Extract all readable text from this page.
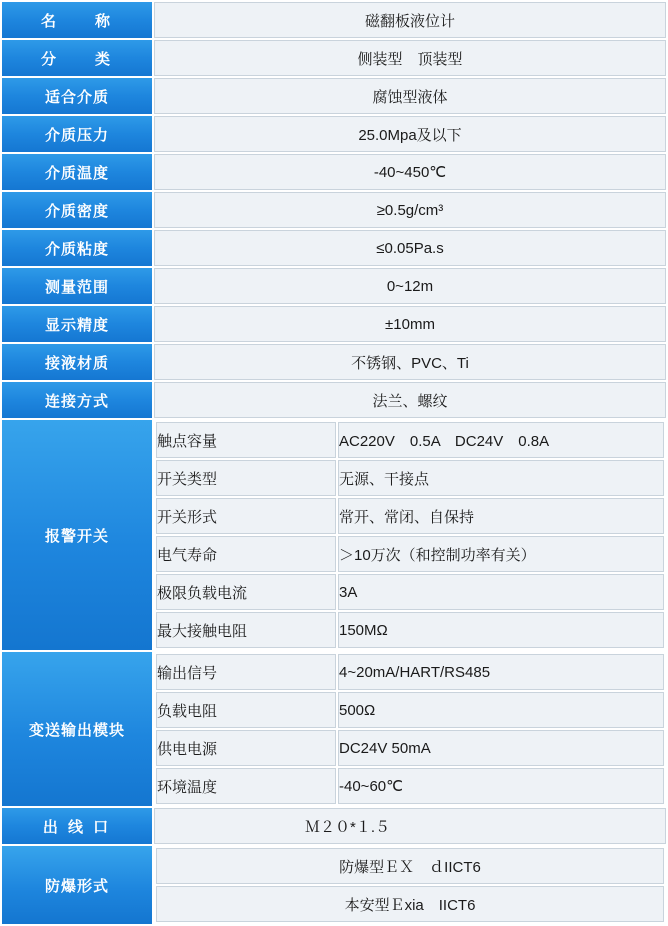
名　　称	磁翻板液位计
分　　类	侧装型　顶装型
适合介质	腐蚀型液体
介质压力	25.0Mpa及以下
介质温度	-40~450℃
介质密度	≥0.5g/cm³
介质粘度	≤0.05Pa.s
测量范围	0~12m
显示精度	±10mm
接液材质	不锈钢、PVC、Ti
连接方式	法兰、螺纹
报警开关	
触点容量	AC220V　0.5A　DC24V　0.8A
开关类型	无源、干接点
开关形式	常开、常闭、自保持
电气寿命	＞10万次（和控制功率有关）
极限负载电流	3A
最大接触电阻	150MΩ

变送输出模块	
输出信号	4~20mA/HART/RS485
负载电阻	500Ω
供电电源	DC24V 50mA
环境温度	-40~60℃

出 线 口	Ｍ２０*１.５
防爆形式	
防爆型ＥＸ　ｄIICT6
本安型Ｅxia　IICT6
